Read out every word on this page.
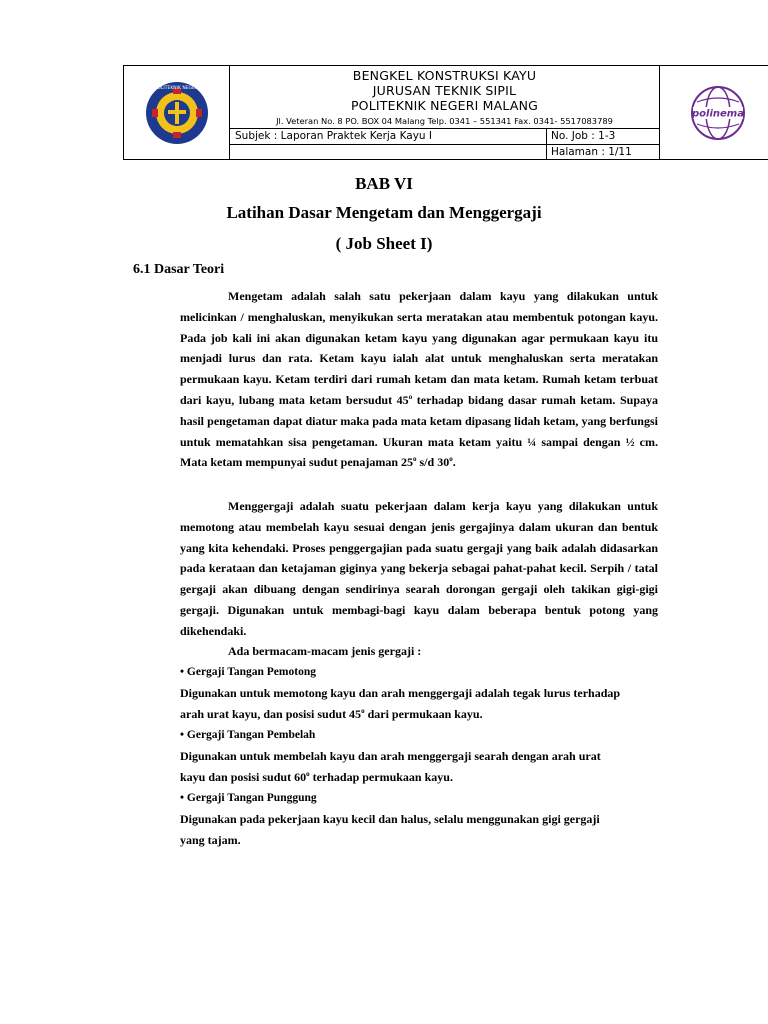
POLITEKNIK NEGERI
BENGKEL KONSTRUKSI KAYU
JURUSAN TEKNIK SIPIL
POLITEKNIK NEGERI MALANG
Jl. Veteran No. 8 PO. BOX 04 Malang Telp. 0341 – 551341 Fax. 0341- 5517083789
Subjek : Laporan Praktek Kerja Kayu I	No. Job : 1-3
Halaman : 1/11
polinema
BAB VI
Latihan Dasar Mengetam dan Menggergaji
( Job Sheet I)
6.1 Dasar Teori

Mengetam adalah salah satu pekerjaan dalam kayu yang dilakukan untuk melicinkan / menghaluskan, menyikukan serta meratakan atau membentuk potongan kayu. Pada job kali ini akan digunakan ketam kayu yang digunakan agar permukaan kayu itu menjadi lurus dan rata. Ketam kayu ialah alat untuk menghaluskan serta meratakan permukaan kayu. Ketam terdiri dari rumah ketam dan mata ketam. Rumah ketam terbuat dari kayu, lubang mata ketam bersudut 45$^o$ terhadap bidang dasar rumah ketam. Supaya hasil pengetaman dapat diatur maka pada mata ketam dipasang lidah ketam, yang berfungsi untuk mematahkan sisa pengetaman. Ukuran mata ketam yaitu ¼ sampai dengan ½ cm. Mata ketam mempunyai sudut penajaman 25$^o$ s/d 30$^o$.

Menggergaji adalah suatu pekerjaan dalam kerja kayu yang dilakukan untuk memotong atau membelah kayu sesuai dengan jenis gergajinya dalam ukuran dan bentuk yang kita kehendaki. Proses penggergajian pada suatu gergaji yang baik adalah didasarkan pada kerataan dan ketajaman giginya yang bekerja sebagai pahat-pahat kecil. Serpih / tatal gergaji akan dibuang dengan sendirinya searah dorongan gergaji oleh takikan gigi-gigi gergaji. Digunakan untuk membagi-bagi kayu dalam beberapa bentuk potong yang dikehendaki.

Ada bermacam-macam jenis gergaji :

• Gergaji Tangan Pemotong

Digunakan untuk memotong kayu dan arah menggergaji adalah tegak lurus terhadap

arah urat kayu, dan posisi sudut 45$^o$ dari permukaan kayu.

• Gergaji Tangan Pembelah

Digunakan untuk membelah kayu dan arah menggergaji searah dengan arah urat

kayu dan posisi sudut 60$^o$ terhadap permukaan kayu.

• Gergaji Tangan Punggung

Digunakan pada pekerjaan kayu kecil dan halus, selalu menggunakan gigi gergaji

yang tajam.
